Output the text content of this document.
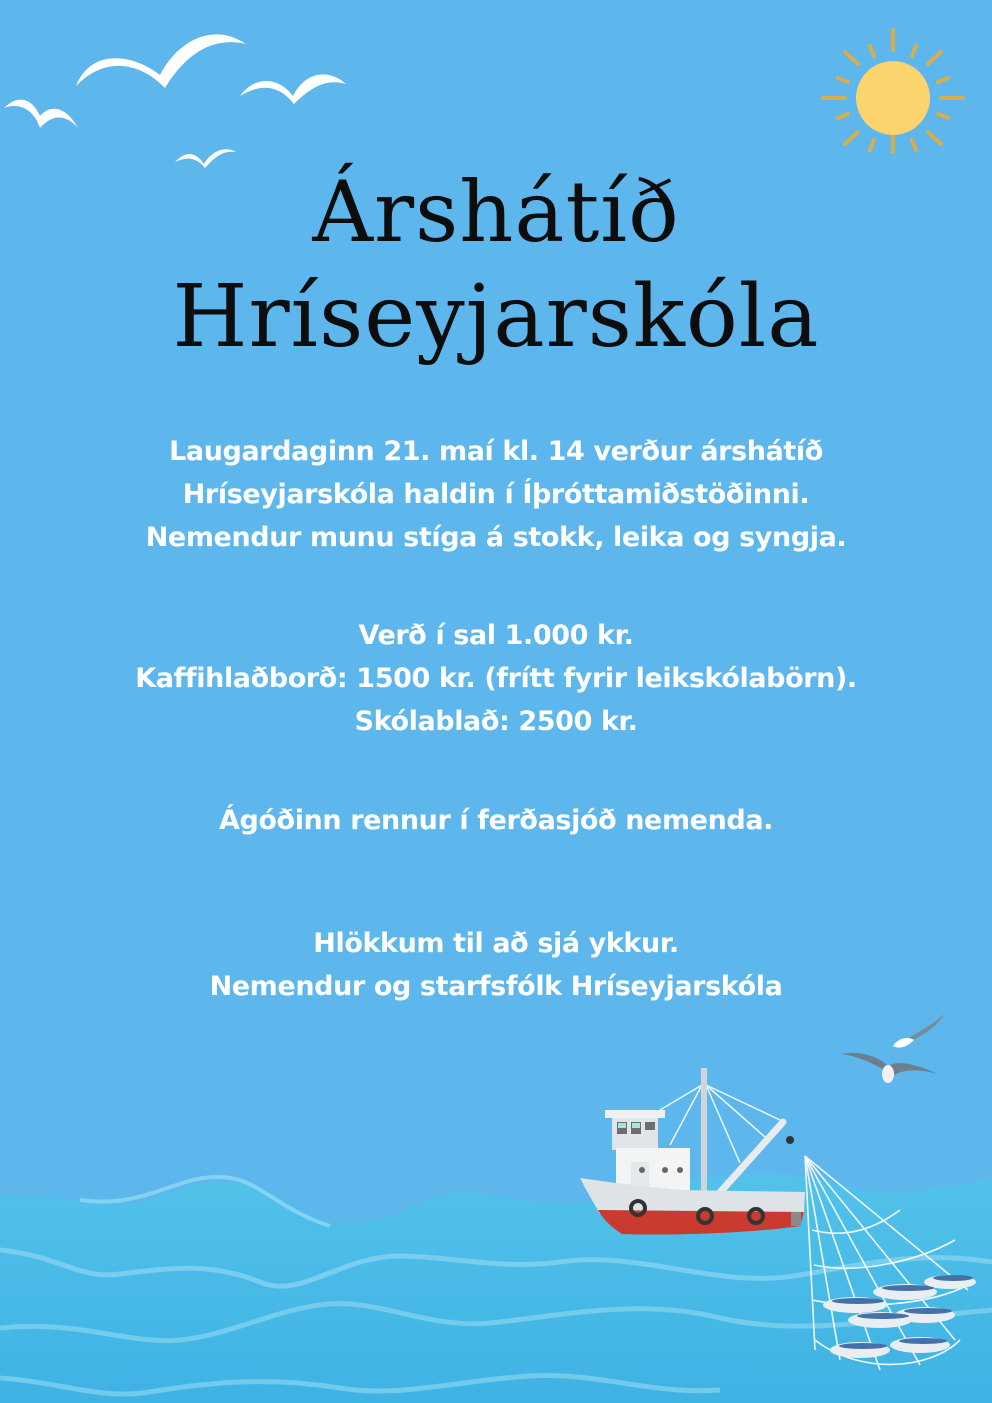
Árshátíð
Hríseyjarskóla
Laugardaginn 21. maí kl. 14 verður árshátíð
Hríseyjarskóla haldin í Íþróttamiðstöðinni.
Nemendur munu stíga á stokk, leika og syngja.
Verð í sal 1.000 kr.
Kaffihlaðborð: 1500 kr. (frítt fyrir leikskólabörn).
Skólablað: 2500 kr.
Ágóðinn rennur í ferðasjóð nemenda.
Hlökkum til að sjá ykkur.
Nemendur og starfsfólk Hríseyjarskóla
